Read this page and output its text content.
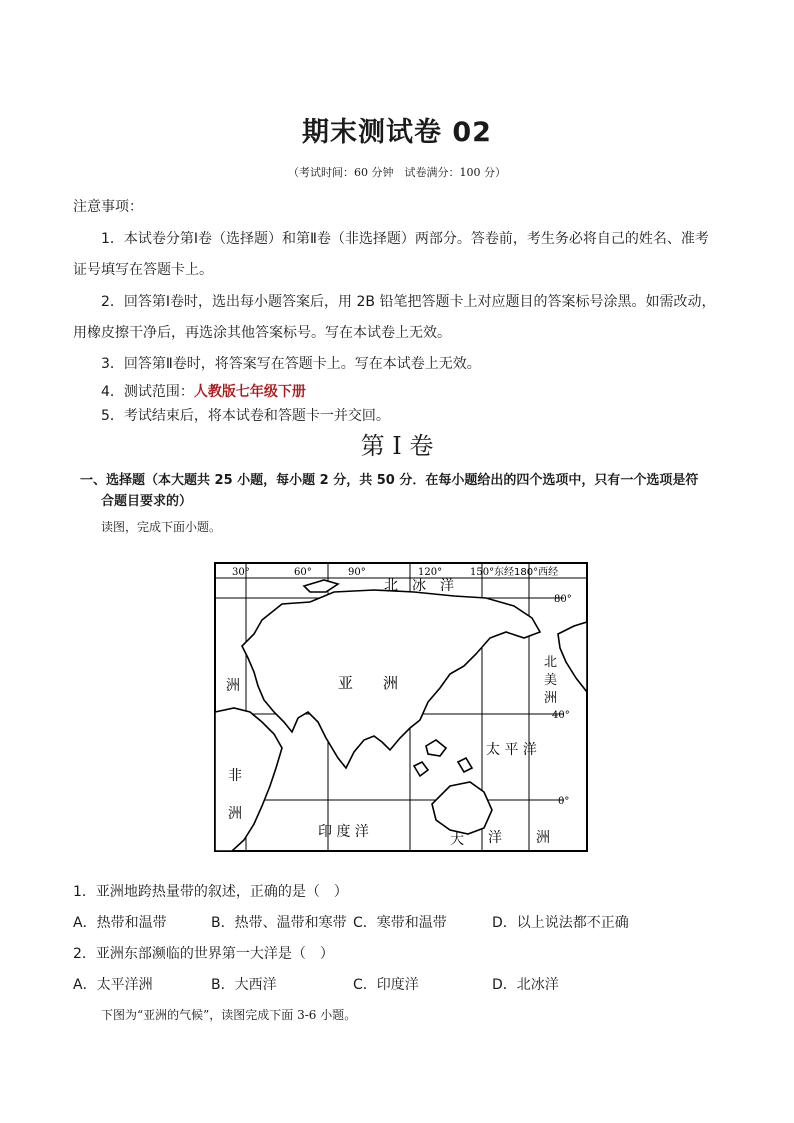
期末测试卷 02
（考试时间：60 分钟　试卷满分：100 分）
注意事项：
1．本试卷分第Ⅰ卷（选择题）和第Ⅱ卷（非选择题）两部分。答卷前，考生务必将自己的姓名、准考
证号填写在答题卡上。
2．回答第Ⅰ卷时，选出每小题答案后，用 2B 铅笔把答题卡上对应题目的答案标号涂黑。如需改动，
用橡皮擦干净后，再选涂其他答案标号。写在本试卷上无效。
3．回答第Ⅱ卷时，将答案写在答题卡上。写在本试卷上无效。
4．测试范围：人教版七年级下册
5．考试结束后，将本试卷和答题卡一并交回。
第 I 卷
一、选择题（本大题共 25 小题，每小题 2 分，共 50 分．在每小题给出的四个选项中，只有一个选项是符
合题目要求的）
读图，完成下面小题。
30°	60°	90°	120°	150° 东经180°西经
80°
40°
0°
北　冰　洋
亚　　洲
洲
非
洲
太 平 洋
印 度 洋	大 洋 洲
北
美
洲
1．亚洲地跨热量带的叙述，正确的是（　）
A．热带和温带	B．热带、温带和寒带 C．寒带和温带	D．以上说法都不正确
2．亚洲东部濒临的世界第一大洋是（　）
A．太平洋洲	B．大西洋	C．印度洋	D．北冰洋
下图为“亚洲的气候”，读图完成下面 3-6 小题。
